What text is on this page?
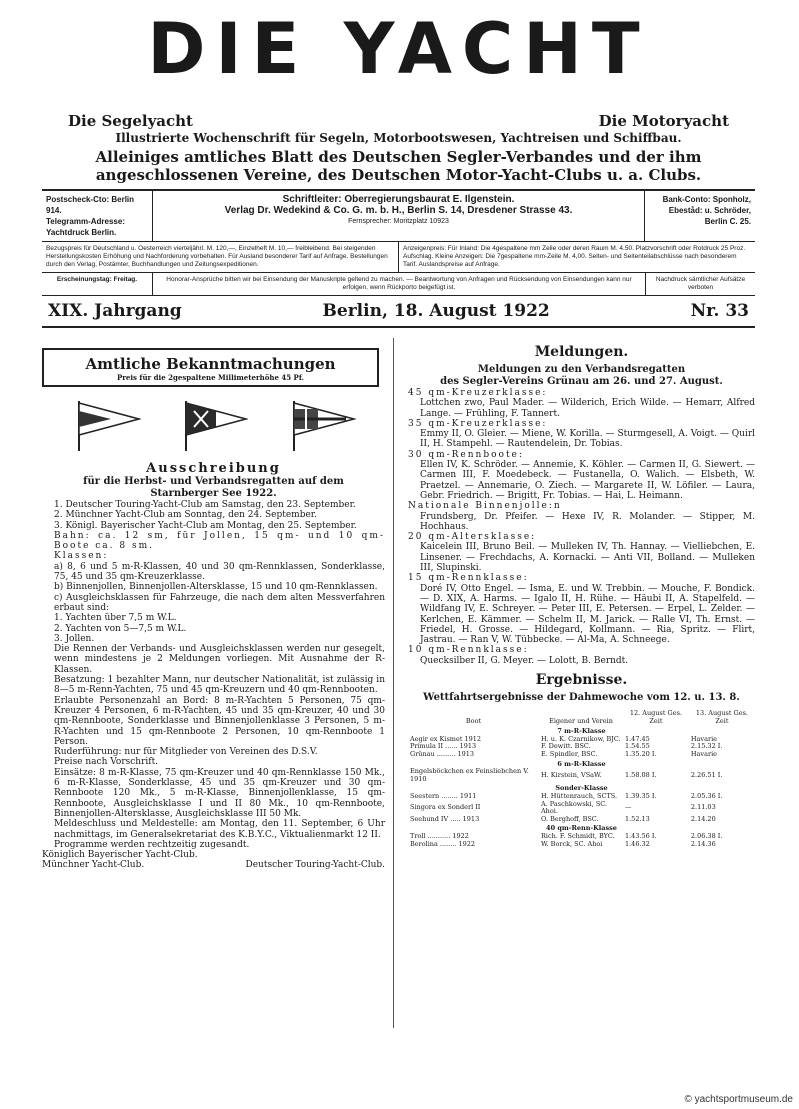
DIE YACHT
Die Segelyacht	Die Motoryacht
Illustrierte Wochenschrift für Segeln, Motorbootswesen, Yachtreisen und Schiffbau.
Alleiniges amtliches Blatt des Deutschen Segler-Verbandes und der ihm
angeschlossenen Vereine, des Deutschen Motor-Yacht-Clubs u. a. Clubs.
Postscheck-Cto: Berlin 914.
Telegramm-Adresse:
Yachtdruck Berlin.
Schriftleiter: Oberregierungsbaurat E. Ilgenstein.
Verlag Dr. Wedekind & Co. G. m. b. H., Berlin S. 14, Dresdener Strasse 43.
Fernsprecher: Moritzplatz 10923
Bank-Conto: Sponholz,
Ebeståd: u. Schröder,
Berlin C. 25.
Bezugspreis für Deutschland u. Oesterreich vierteljährl. M. 120,—, Einzelheft M. 10,— freibleibend. Bei steigenden Herstellungskosten Erhöhung und Nachforderung vorbehalten. Für Ausland besonderer Tarif auf Anfrage. Bestellungen durch den Verlag, Postämter, Buchhandlungen und Zeitungsexpeditionen.
Anzeigenpreis: Für Inland: Die 4gespaltene mm Zeile oder deren Raum M. 4.50. Platzvorschrift oder Rotdruck 25 Proz. Aufschlag. Kleine Anzeigen: Die 7gespaltene mm-Zeile M. 4,00. Selten- und Seitenteilabschlüsse nach besonderem Tarif. Auslandspreise auf Anfrage.
Erscheinungstag: Freitag.	Honorar-Ansprüche bitten wir bei Einsendung der Manuskripte geltend zu machen. — Beantwortung von Anfragen und Rücksendung von Einsendungen kann nur erfolgen, wenn Rückporto beigefügt ist.
Nachdruck sämtlicher Aufsätze verboten
XIX. Jahrgang	Berlin, 18. August 1922	Nr. 33
Amtliche Bekanntmachungen
Preis für die 2gespaltene Millimeterhöhe 45 Pf.
Ausschreibung
für die Herbst- und Verbandsregatten auf dem
Starnberger See 1922.

1. Deutscher Touring-Yacht-Club am Samstag, den 23. September.

2. Münchner Yacht-Club am Sonntag, den 24. September.

3. Königl. Bayerischer Yacht-Club am Montag, den 25. September.

Bahn: ca. 12 sm, für Jollen, 15 qm- und 10 qm-Boote ca. 8 sm.

Klassen:

a) 8, 6 und 5 m-R-Klassen, 40 und 30 qm-Rennklassen, Sonderklasse, 75, 45 und 35 qm-Kreuzerklasse.

b) Binnenjollen, Binnenjollen-Altersklasse, 15 und 10 qm-Rennklassen.

c) Ausgleichsklassen für Fahrzeuge, die nach dem alten Messverfahren erbaut sind:

1. Yachten über 7,5 m W.L.

2. Yachten von 5—7,5 m W.L.

3. Jollen.

Die Rennen der Verbands- und Ausgleichsklassen werden nur gesegelt, wenn mindestens je 2 Meldungen vorliegen. Mit Ausnahme der R-Klassen.

Besatzung: 1 bezahlter Mann, nur deutscher Nationalität, ist zulässig in 8—5 m-Renn-Yachten, 75 und 45 qm-Kreuzern und 40 qm-Rennbooten.

Erlaubte Personenzahl an Bord: 8 m-R-Yachten 5 Personen, 75 qm-Kreuzer 4 Personen, 6 m-R-Yachten, 45 und 35 qm-Kreuzer, 40 und 30 qm-Rennboote, Sonderklasse und Binnenjollenklasse 3 Personen, 5 m-R-Yachten und 15 qm-Rennboote 2 Personen, 10 qm-Rennboote 1 Person.

Ruderführung: nur für Mitglieder von Vereinen des D.S.V.

Preise nach Vorschrift.

Einsätze: 8 m-R-Klasse, 75 qm-Kreuzer und 40 qm-Rennklasse 150 Mk., 6 m-R-Klasse, Sonderklasse, 45 und 35 qm-Kreuzer und 30 qm-Rennboote 120 Mk., 5 m-R-Klasse, Binnenjollenklasse, 15 qm-Rennboote, Ausgleichsklasse I und II 80 Mk., 10 qm-Rennboote, Binnenjollen-Altersklasse, Ausgleichsklasse III 50 Mk.

Meldeschluss und Meldestelle: am Montag, den 11. September, 6 Uhr nachmittags, im Generalsekretariat des K.B.Y.C., Viktualienmarkt 12 II.

Programme werden rechtzeitig zugesandt.

Königlich Bayerischer Yacht-Club.

Münchner Yacht-Club.	Deutscher Touring-Yacht-Club.

Meldungen.
Meldungen zu den Verbandsregatten
des Segler-Vereins Grünau am 26. und 27. August.

45 qm-Kreuzerklasse:

Lottchen zwo, Paul Mader. — Wilderich, Erich Wilde. — Hemarr, Alfred Lange. — Frühling, F. Tannert.

35 qm-Kreuzerklasse:

Emmy II, O. Gleier. — Miene, W. Korilla. — Sturmgesell, A. Voigt. — Quirl II, H. Stampehl. — Rautendelein, Dr. Tobias.

30 qm-Rennboote:

Ellen IV, K. Schröder. — Annemie, K. Köhler. — Carmen II, G. Siewert. — Carmen III, F. Moedebeck. — Fustanella, O. Walich. — Elsbeth, W. Praetzel. — Annemarie, O. Ziech. — Margarete II, W. Löfiler. — Laura, Gebr. Friedrich. — Brigitt, Fr. Tobias. — Hai, L. Heimann.

Nationale Binnenjolle:n

Frundsberg, Dr. Pfeifer. — Hexe IV, R. Molander. — Stipper, M. Hochhaus.

20 qm-Altersklasse:

Kaicelein III, Bruno Beil. — Mulleken IV, Th. Hannay. — Vielliebchen, E. Linsener. — Frechdachs, A. Kornacki. — Anti VII, Bolland. — Mulleken III, Slupinski.

15 qm-Rennklasse:

Doré IV, Otto Engel. — Isma, E. und W. Trebbin. — Mouche, F. Bondick. — D. XIX, A. Harms. — Igalo II, H. Rühe. — Häubi II, A. Stapelfeld. — Wildfang IV, E. Schreyer. — Peter III, E. Petersen. — Erpel, L. Zelder. — Kerlchen, E. Kämmer. — Schelm II, M. Jarick. — Ralle VI, Th. Ernst. — Friedel, H. Grosse. — Hildegard, Kollmann. — Ria, Spritz. — Flirt, Jastrau. — Ran V, W. Tübbecke. — Al-Ma, A. Schneege.

10 qm-Rennklasse:

Quecksilber II, G. Meyer. — Lolott, B. Berndt.

Ergebnisse.
Wettfahrtsergebnisse der Dahmewoche vom 12. u. 13. 8.
Boot	Eigener und Verein	12. August Ges. Zeit	13. August Ges. Zeit
7 m-R-Klasse			
Aegir ex Kismet 1912	H. u. K. Czarnikow, BJC.	1.47.45	Havarie
Primula II ...... 1913	F. Dewitt. BSC.	1.54.55	2.15.32 I.
Grünau ......... 1913	E. Spindler, BSC.	1.35.20 I.	Havarie
6 m-R-Klasse			
Engelsböckchen ex Feinsliebchen V. 1910	H. Kirstein, VSaW.	1.58.08 I.	2.26.51 I.
Sonder-Klasse			
Seestern ........ 1911	H. Hüttenrauch, SCTS.	1.39.35 I.	2.05.36 I.
Singora ex Sonderl II	A. Paschkowski, SC. Ahoi.	—	2.11.03
Seehund IV ..... 1913	O. Berghoff, BSC.	1.52.13	2.14.20
40 qm-Renn-Klasse			
Troll ........... 1922	Rich. F. Schmidt, BYC.	1.43.56 I.	2.06.38 I.
Berolina ........ 1922	W. Borck, SC. Ahoi	1.46.32	2.14.36
© yachtsportmuseum.de
